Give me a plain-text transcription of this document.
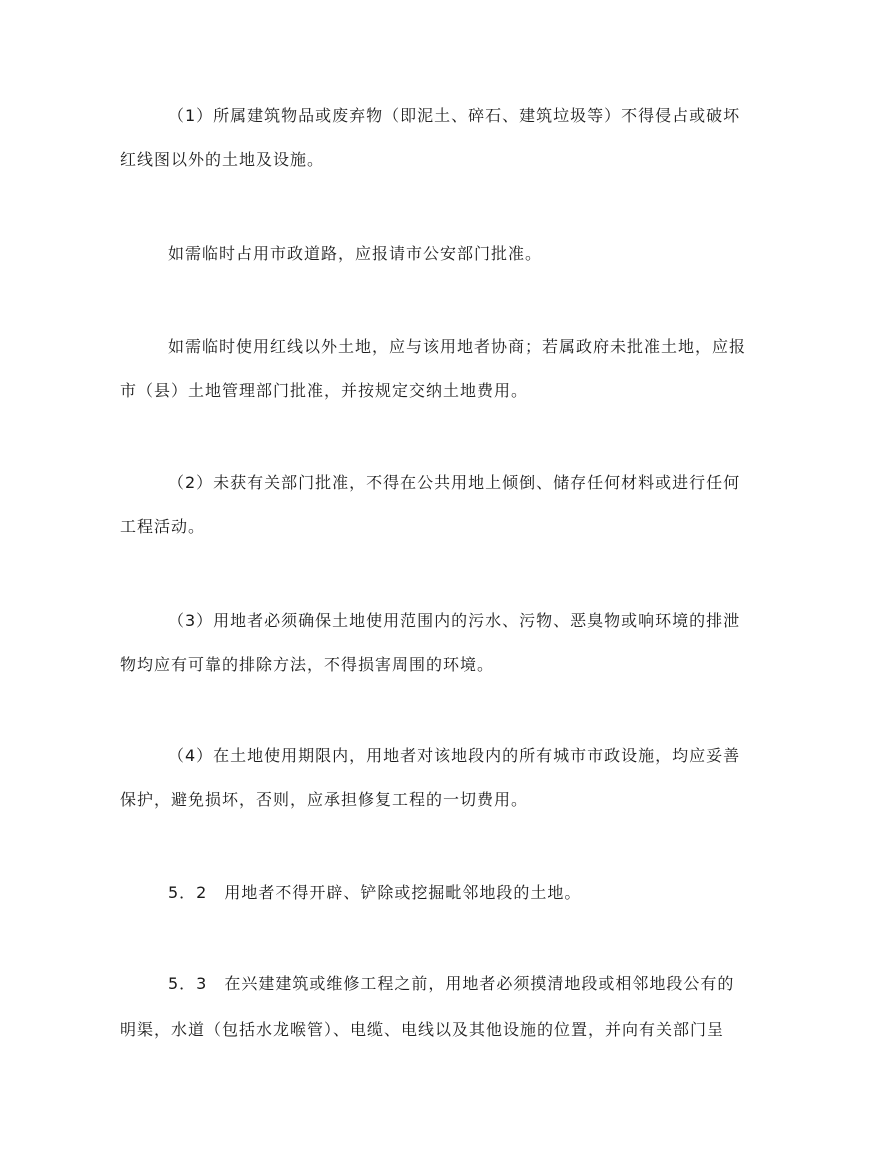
（1）所属建筑物品或废弃物（即泥土、碎石、建筑垃圾等）不得侵占或破坏
红线图以外的土地及设施。
如需临时占用市政道路，应报请市公安部门批准。
如需临时使用红线以外土地，应与该用地者协商；若属政府未批准土地，应报
市（县）土地管理部门批准，并按规定交纳土地费用。
（2）未获有关部门批准，不得在公共用地上倾倒、储存任何材料或进行任何
工程活动。
（3）用地者必须确保土地使用范围内的污水、污物、恶臭物或响环境的排泄
物均应有可靠的排除方法，不得损害周围的环境。
（4）在土地使用期限内，用地者对该地段内的所有城市市政设施，均应妥善
保护，避免损坏，否则，应承担修复工程的一切费用。
5．2　用地者不得开辟、铲除或挖掘毗邻地段的土地。
5．3　在兴建建筑或维修工程之前，用地者必须摸清地段或相邻地段公有的
明渠，水道（包括水龙喉管）、电缆、电线以及其他设施的位置，并向有关部门呈
